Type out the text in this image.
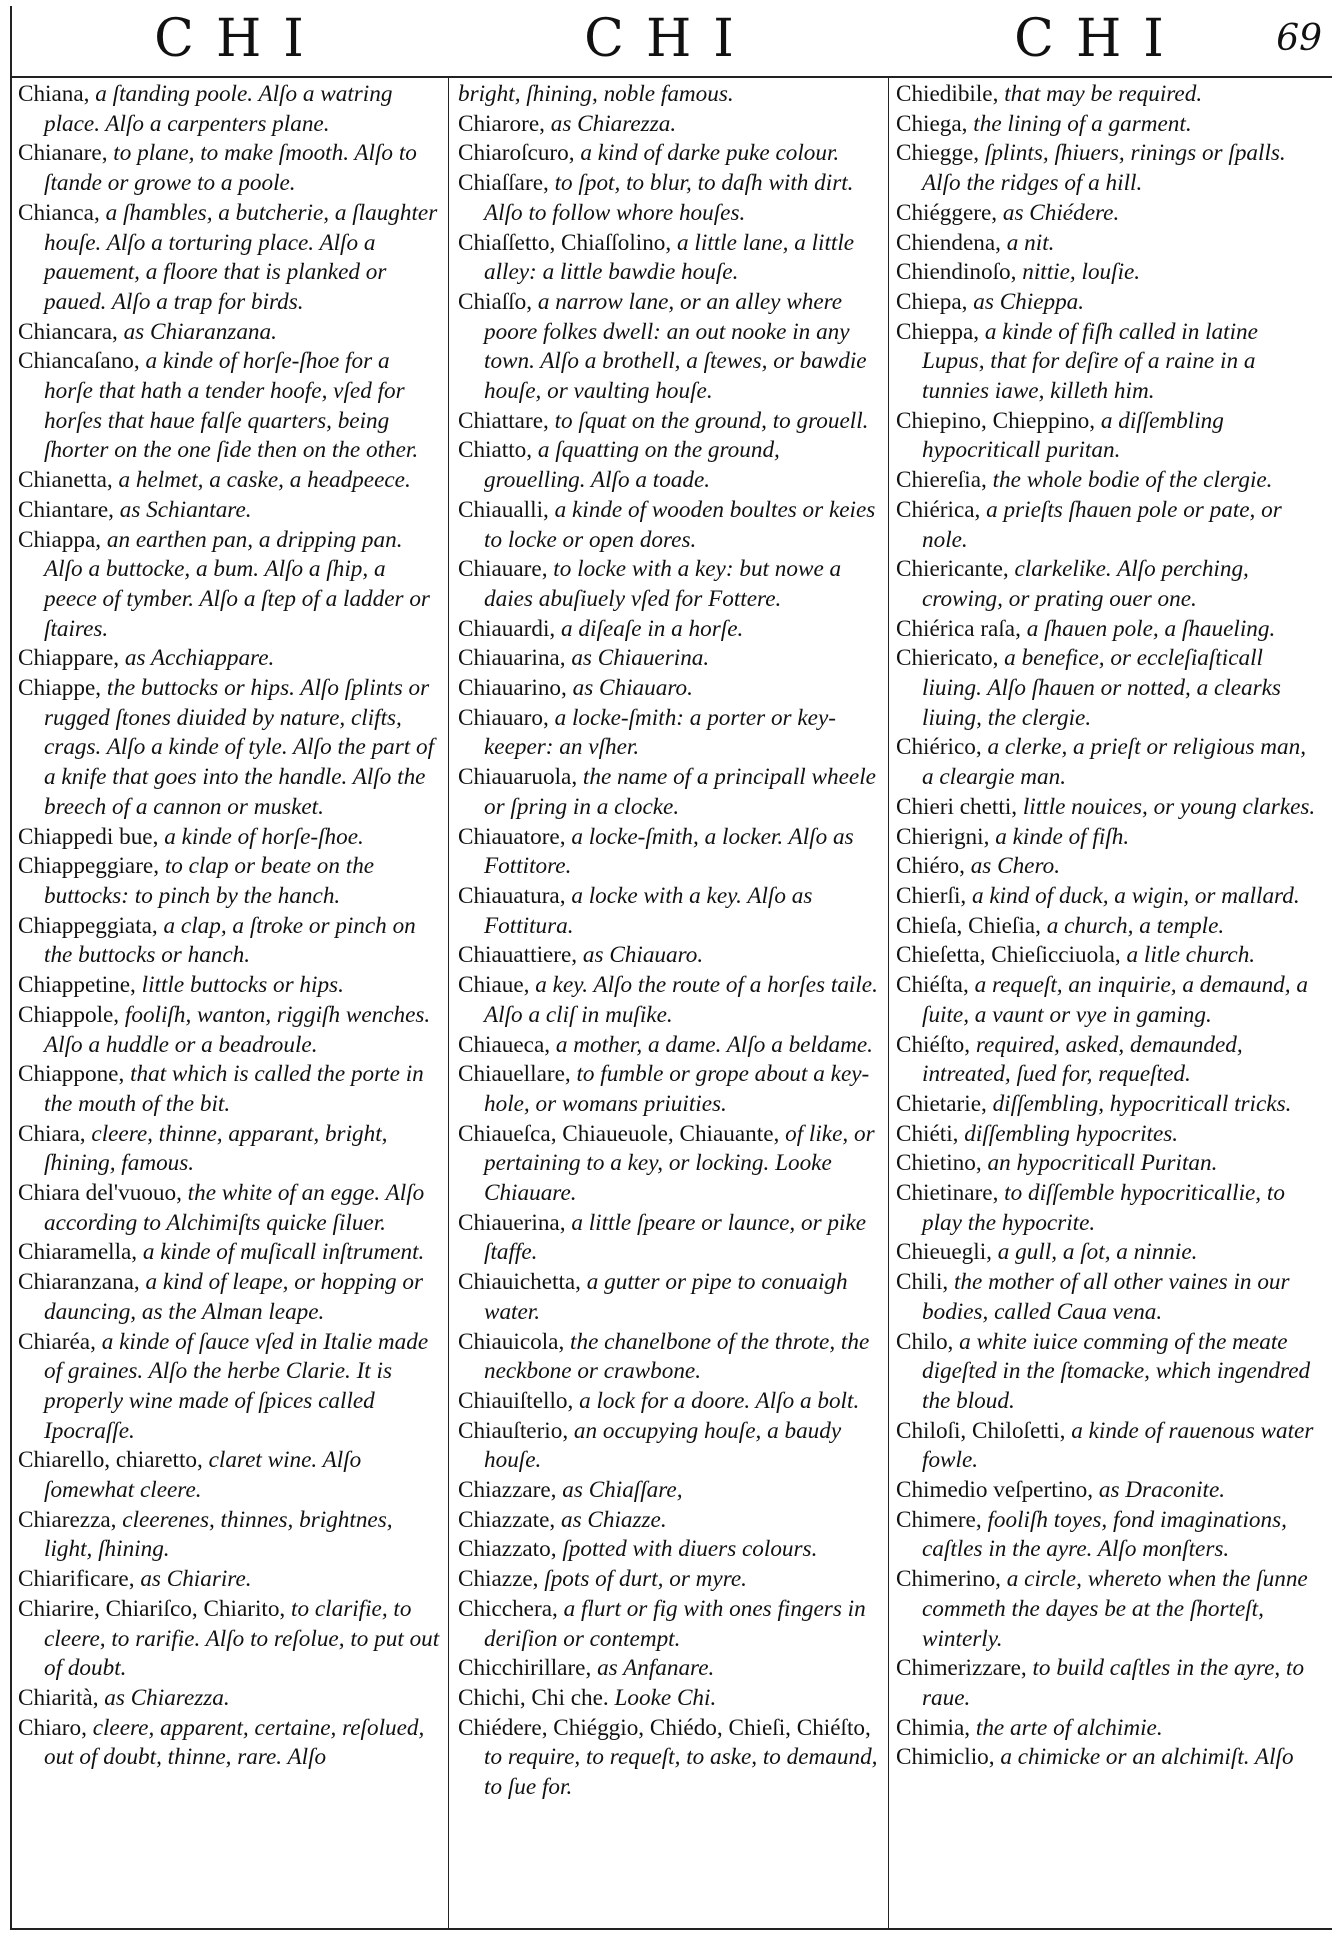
CHI	CHI	CHI	69

Chiana, a ſtanding poole. Alſo a watring place. Alſo a carpenters plane.

Chianare, to plane, to make ſmooth. Alſo to ſtande or growe to a poole.

Chianca, a ſhambles, a butcherie, a ſlaughter houſe. Alſo a torturing place. Alſo a pauement, a floore that is planked or paued. Alſo a trap for birds.

Chiancara, as Chiaranzana.

Chiancaſano, a kinde of horſe-ſhoe for a horſe that hath a tender hoofe, vſed for horſes that haue falſe quarters, being ſhorter on the one ſide then on the other.

Chianetta, a helmet, a caske, a headpeece.

Chiantare, as Schiantare.

Chiappa, an earthen pan, a dripping pan. Alſo a buttocke, a bum. Alſo a ſhip, a peece of tymber. Alſo a ſtep of a ladder or ſtaires.

Chiappare, as Acchiappare.

Chiappe, the buttocks or hips. Alſo ſplints or rugged ſtones diuided by nature, clifts, crags. Alſo a kinde of tyle. Alſo the part of a knife that goes into the handle. Alſo the breech of a cannon or musket.

Chiappedi bue, a kinde of horſe-ſhoe.

Chiappeggiare, to clap or beate on the buttocks: to pinch by the hanch.

Chiappeggiata, a clap, a ſtroke or pinch on the buttocks or hanch.

Chiappetine, little buttocks or hips.

Chiappole, fooliſh, wanton, riggiſh wenches. Alſo a huddle or a beadroule.

Chiappone, that which is called the porte in the mouth of the bit.

Chiara, cleere, thinne, apparant, bright, ſhining, famous.

Chiara del'vuouo, the white of an egge. Alſo according to Alchimiſts quicke ſiluer.

Chiaramella, a kinde of muſicall inſtrument.

Chiaranzana, a kind of leape, or hopping or dauncing, as the Alman leape.

Chiaréa, a kinde of ſauce vſed in Italie made of graines. Alſo the herbe Clarie. It is properly wine made of ſpices called Ipocraſſe.

Chiarello, chiaretto, claret wine. Alſo ſomewhat cleere.

Chiarezza, cleerenes, thinnes, brightnes, light, ſhining.

Chiarificare, as Chiarire.

Chiarire, Chiariſco, Chiarito, to clarifie, to cleere, to rarifie. Alſo to reſolue, to put out of doubt.

Chiarità, as Chiarezza.

Chiaro, cleere, apparent, certaine, reſolued, out of doubt, thinne, rare. Alſo

bright, ſhining, noble famous.

Chiarore, as Chiarezza.

Chiaroſcuro, a kind of darke puke colour.

Chiaſſare, to ſpot, to blur, to daſh with dirt. Alſo to follow whore houſes.

Chiaſſetto, Chiaſſolino, a little lane, a little alley: a little bawdie houſe.

Chiaſſo, a narrow lane, or an alley where poore folkes dwell: an out nooke in any town. Alſo a brothell, a ſtewes, or bawdie houſe, or vaulting houſe.

Chiattare, to ſquat on the ground, to grouell.

Chiatto, a ſquatting on the ground, grouelling. Alſo a toade.

Chiaualli, a kinde of wooden boultes or keies to locke or open dores.

Chiauare, to locke with a key: but nowe a daies abuſiuely vſed for Fottere.

Chiauardi, a diſeaſe in a horſe.

Chiauarina, as Chiauerina.

Chiauarino, as Chiauaro.

Chiauaro, a locke-ſmith: a porter or key-keeper: an vſher.

Chiauaruola, the name of a principall wheele or ſpring in a clocke.

Chiauatore, a locke-ſmith, a locker. Alſo as Fottitore.

Chiauatura, a locke with a key. Alſo as Fottitura.

Chiauattiere, as Chiauaro.

Chiaue, a key. Alſo the route of a horſes taile. Alſo a cliſ in muſike.

Chiaueca, a mother, a dame. Alſo a beldame.

Chiauellare, to fumble or grope about a key-hole, or womans priuities.

Chiaueſca, Chiaueuole, Chiauante, of like, or pertaining to a key, or locking. Looke Chiauare.

Chiauerina, a little ſpeare or launce, or pike ſtaffe.

Chiauichetta, a gutter or pipe to conuaigh water.

Chiauicola, the chanelbone of the throte, the neckbone or crawbone.

Chiauiſtello, a lock for a doore. Alſo a bolt.

Chiauſterio, an occupying houſe, a baudy houſe.

Chiazzare, as Chiaſſare,

Chiazzate, as Chiazze.

Chiazzato, ſpotted with diuers colours.

Chiazze, ſpots of durt, or myre.

Chicchera, a flurt or fig with ones fingers in deriſion or contempt.

Chicchirillare, as Anfanare.

Chichi, Chi che. Looke Chi.

Chiédere, Chiéggio, Chiédo, Chieſi, Chiéſto, to require, to requeſt, to aske, to demaund, to ſue for.

Chiedibile, that may be required.

Chiega, the lining of a garment.

Chiegge, ſplints, ſhiuers, rinings or ſpalls. Alſo the ridges of a hill.

Chiéggere, as Chiédere.

Chiendena, a nit.

Chiendinoſo, nittie, louſie.

Chiepa, as Chieppa.

Chieppa, a kinde of fiſh called in latine Lupus, that for deſire of a raine in a tunnies iawe, killeth him.

Chiepino, Chieppino, a diſſembling hypocriticall puritan.

Chiereſia, the whole bodie of the clergie.

Chiérica, a prieſts ſhauen pole or pate, or nole.

Chiericante, clarkelike. Alſo perching, crowing, or prating ouer one.

Chiérica raſa, a ſhauen pole, a ſhaueling.

Chiericato, a benefice, or eccleſiaſticall liuing. Alſo ſhauen or notted, a clearks liuing, the clergie.

Chiérico, a clerke, a prieſt or religious man, a cleargie man.

Chieri chetti, little nouices, or young clarkes.

Chierigni, a kinde of fiſh.

Chiéro, as Chero.

Chierſi, a kind of duck, a wigin, or mallard.

Chieſa, Chieſia, a church, a temple.

Chieſetta, Chieſicciuola, a litle church.

Chiéſta, a requeſt, an inquirie, a demaund, a ſuite, a vaunt or vye in gaming.

Chiéſto, required, asked, demaunded, intreated, ſued for, requeſted.

Chietarie, diſſembling, hypocriticall tricks.

Chiéti, diſſembling hypocrites.

Chietino, an hypocriticall Puritan.

Chietinare, to diſſemble hypocriticallie, to play the hypocrite.

Chieuegli, a gull, a ſot, a ninnie.

Chili, the mother of all other vaines in our bodies, called Caua vena.

Chilo, a white iuice comming of the meate digeſted in the ſtomacke, which ingendred the bloud.

Chiloſi, Chiloſetti, a kinde of rauenous water fowle.

Chimedio veſpertino, as Draconite.

Chimere, fooliſh toyes, fond imaginations, caſtles in the ayre. Alſo monſters.

Chimerino, a circle, whereto when the ſunne commeth the dayes be at the ſhorteſt, winterly.

Chimerizzare, to build caſtles in the ayre, to raue.

Chimia, the arte of alchimie.

Chimiclio, a chimicke or an alchimiſt. Alſo
